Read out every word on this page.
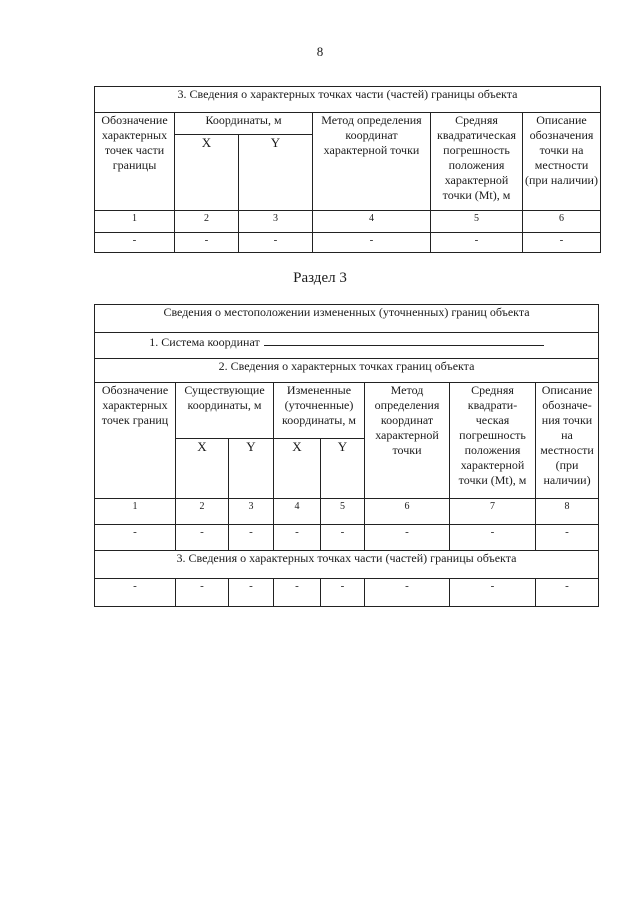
8
3. Сведения о характерных точках части (частей) границы объекта					
Обозначение характерных точек части границы	Координаты, м		Метод определения координат характерной точки	Средняя квадратическая погрешность положения характерной точки (Mt), м	Описание обозначения точки на местности (при наличии)
	X	Y			
1	2	3	4	5	6
-	-	-	-	-	-
Раздел 3
Сведения о местоположении измененных (уточненных) границ объекта							
1. Система координат							
2. Сведения о характерных точках границ объекта							
Обозначение характерных точек границ	Существующие координаты, м		Измененные (уточненные) координаты, м		Метод определения координат характерной точки	Средняя квадрати-ческая погрешность положения характерной точки (Mt), м	Описание обозначе-ния точки на местности (при наличии)
	X	Y	X	Y			
1	2	3	4	5	6	7	8
-	-	-	-	-	-	-	-
3. Сведения о характерных точках части (частей) границы объекта							
-	-	-	-	-	-	-	-
